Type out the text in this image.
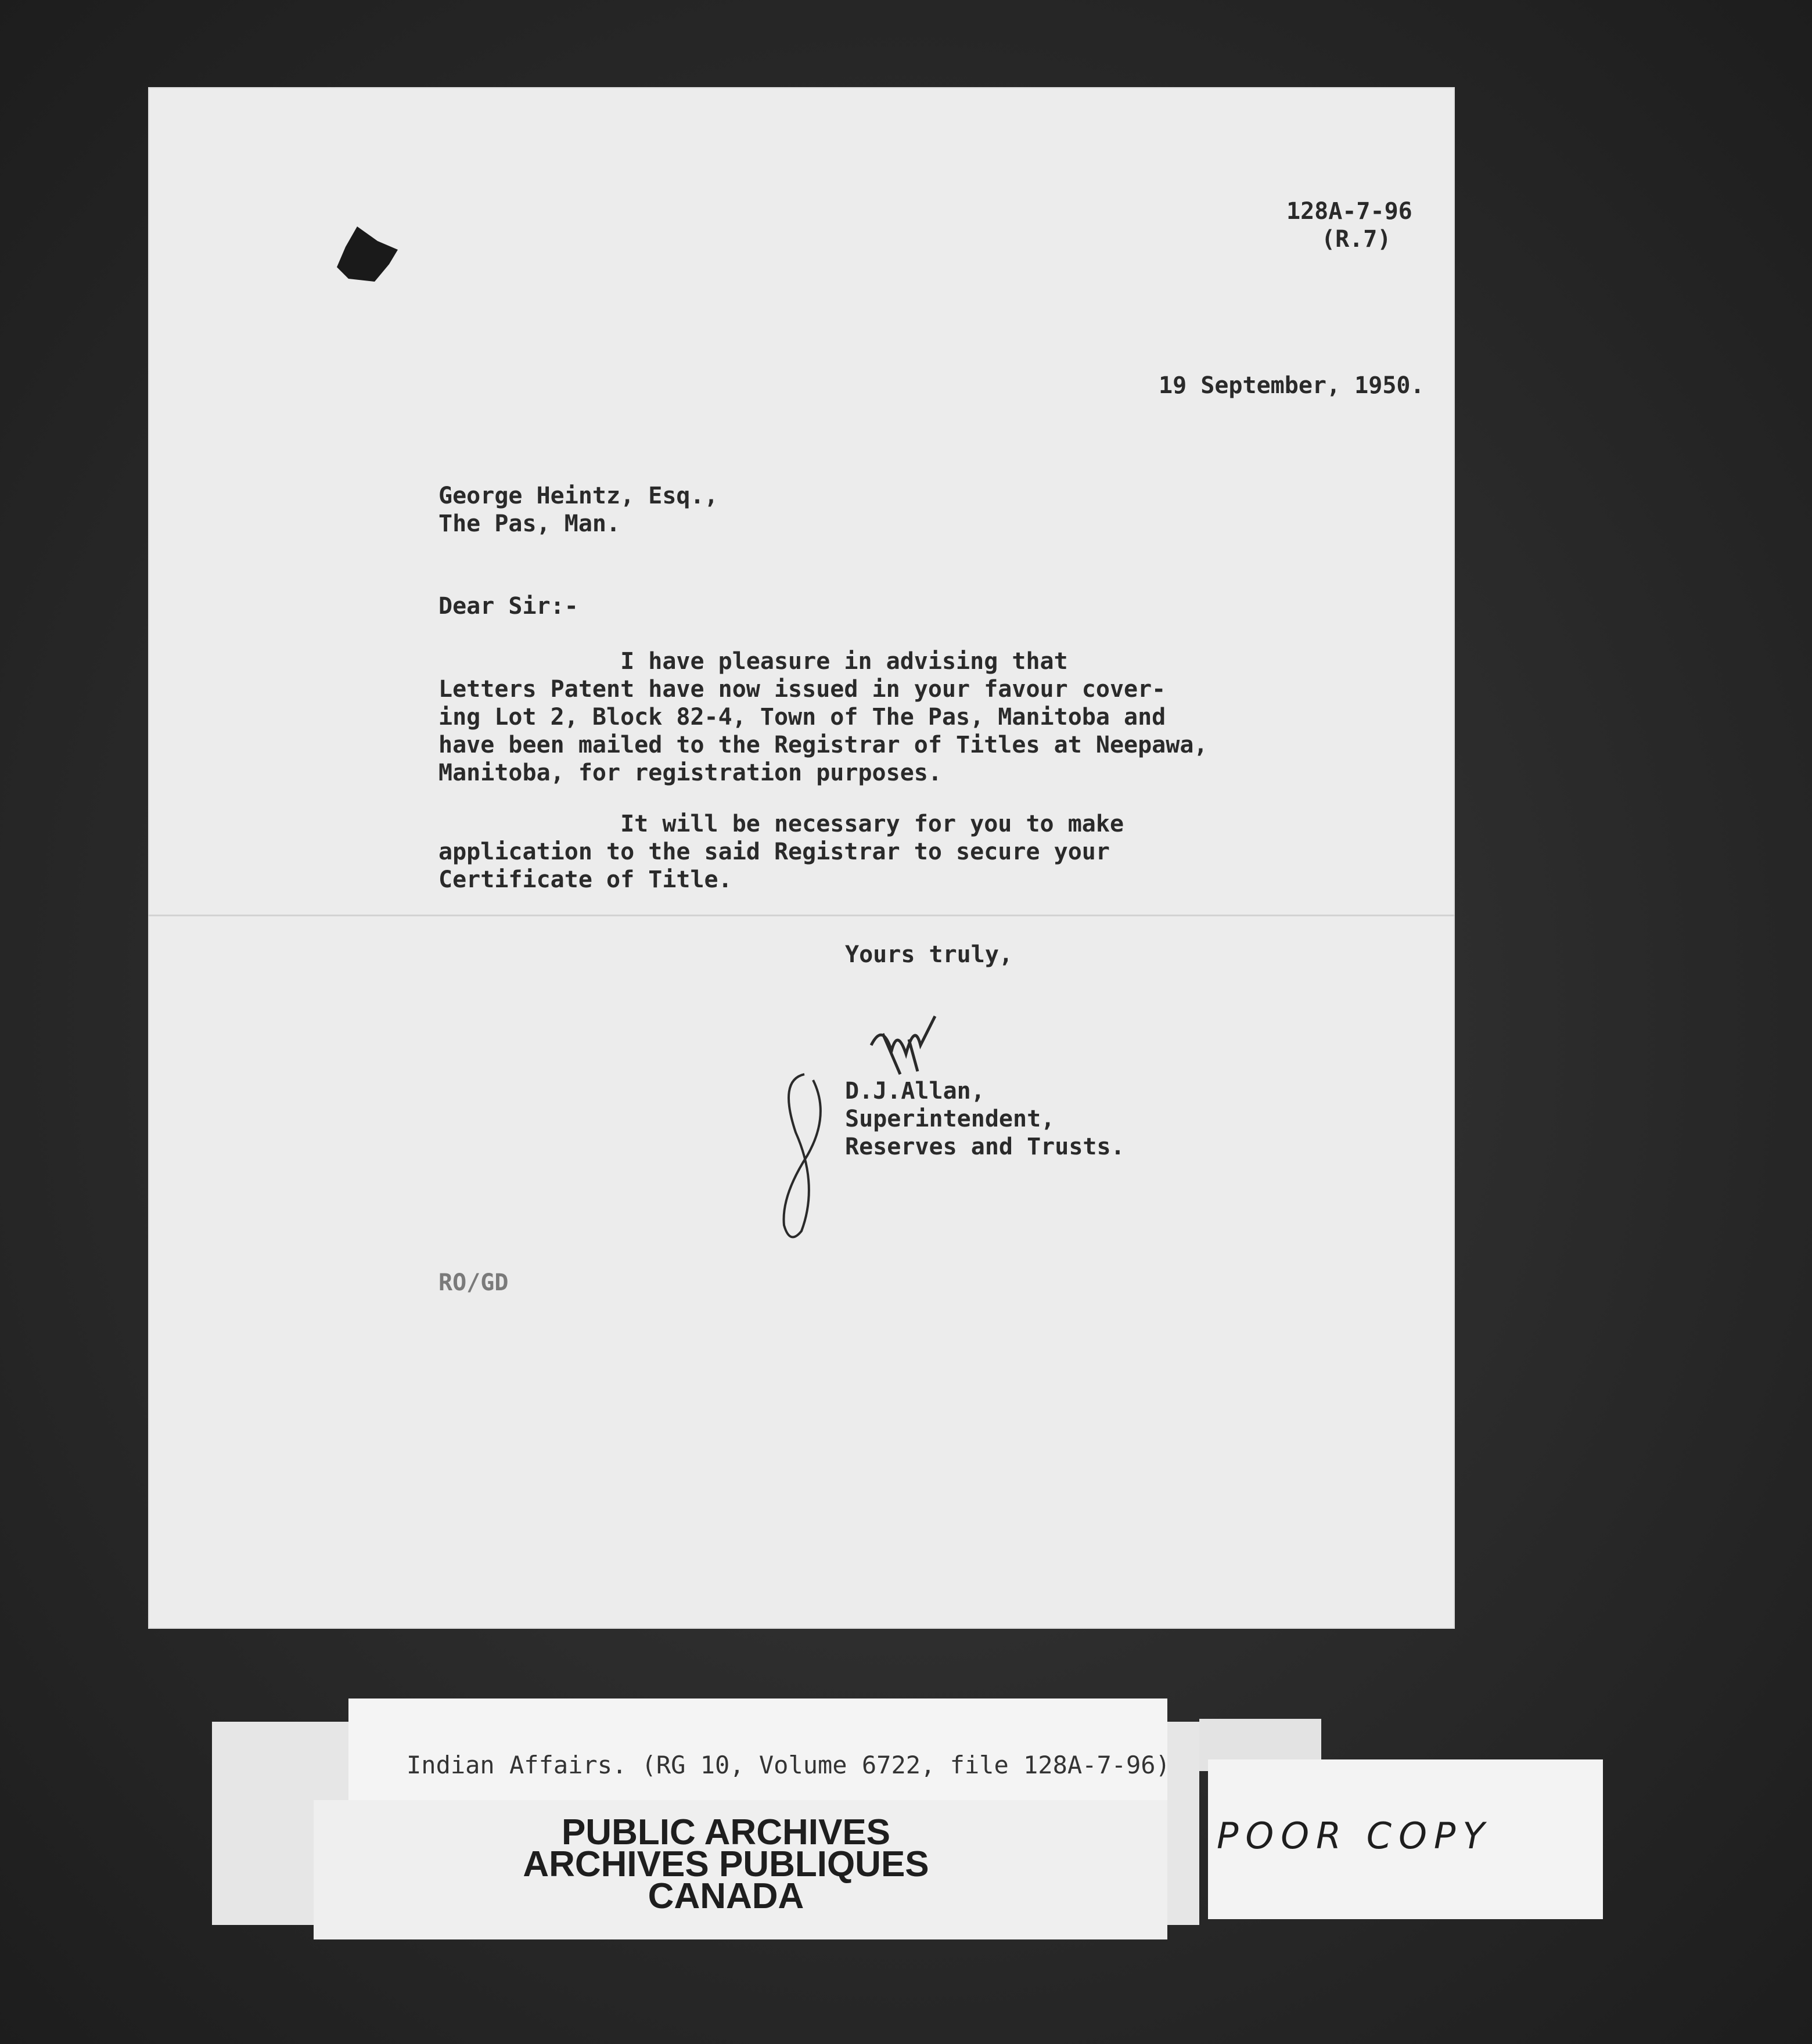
128A-7-96
(R.7)
19 September, 1950.
George Heintz, Esq.,
The Pas, Man.
Dear Sir:-
I have pleasure in advising that
Letters Patent have now issued in your favour cover-
ing Lot 2, Block 82-4, Town of The Pas, Manitoba and
have been mailed to the Registrar of Titles at Neepawa,
Manitoba, for registration purposes.
It will be necessary for you to make
application to the said Registrar to secure your
Certificate of Title.
Yours truly,
D.J.Allan,
Superintendent,
Reserves and Trusts.
RO/GD
Indian Affairs. (RG 10, Volume 6722, file 128A-7-96)
PUBLIC ARCHIVES
ARCHIVES PUBLIQUES
CANADA
POOR COPY
